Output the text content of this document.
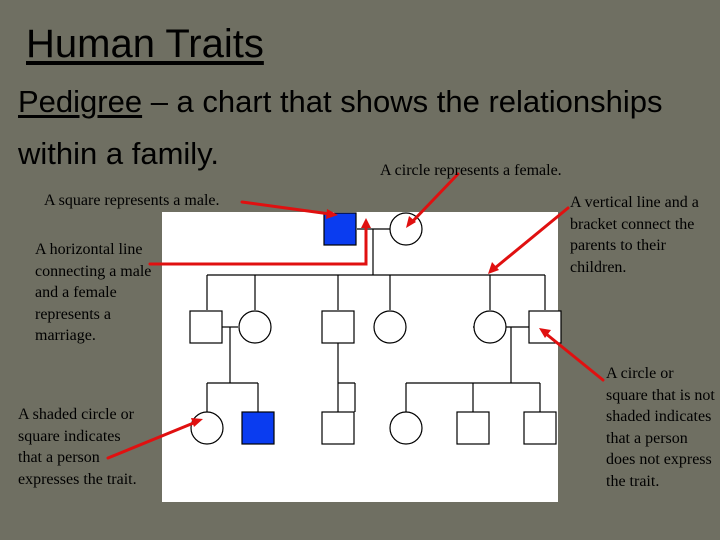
Human Traits
Pedigree – a chart that shows the relationships
within a family.	A circle represents a female.
A square represents a male.
A horizontal line connecting a male and a female represents a marriage.
A vertical line and a bracket connect the parents to their children.
A circle or square that is not shaded indicates that a person does not express the trait.
A shaded circle or square indicates that a person expresses the trait.
